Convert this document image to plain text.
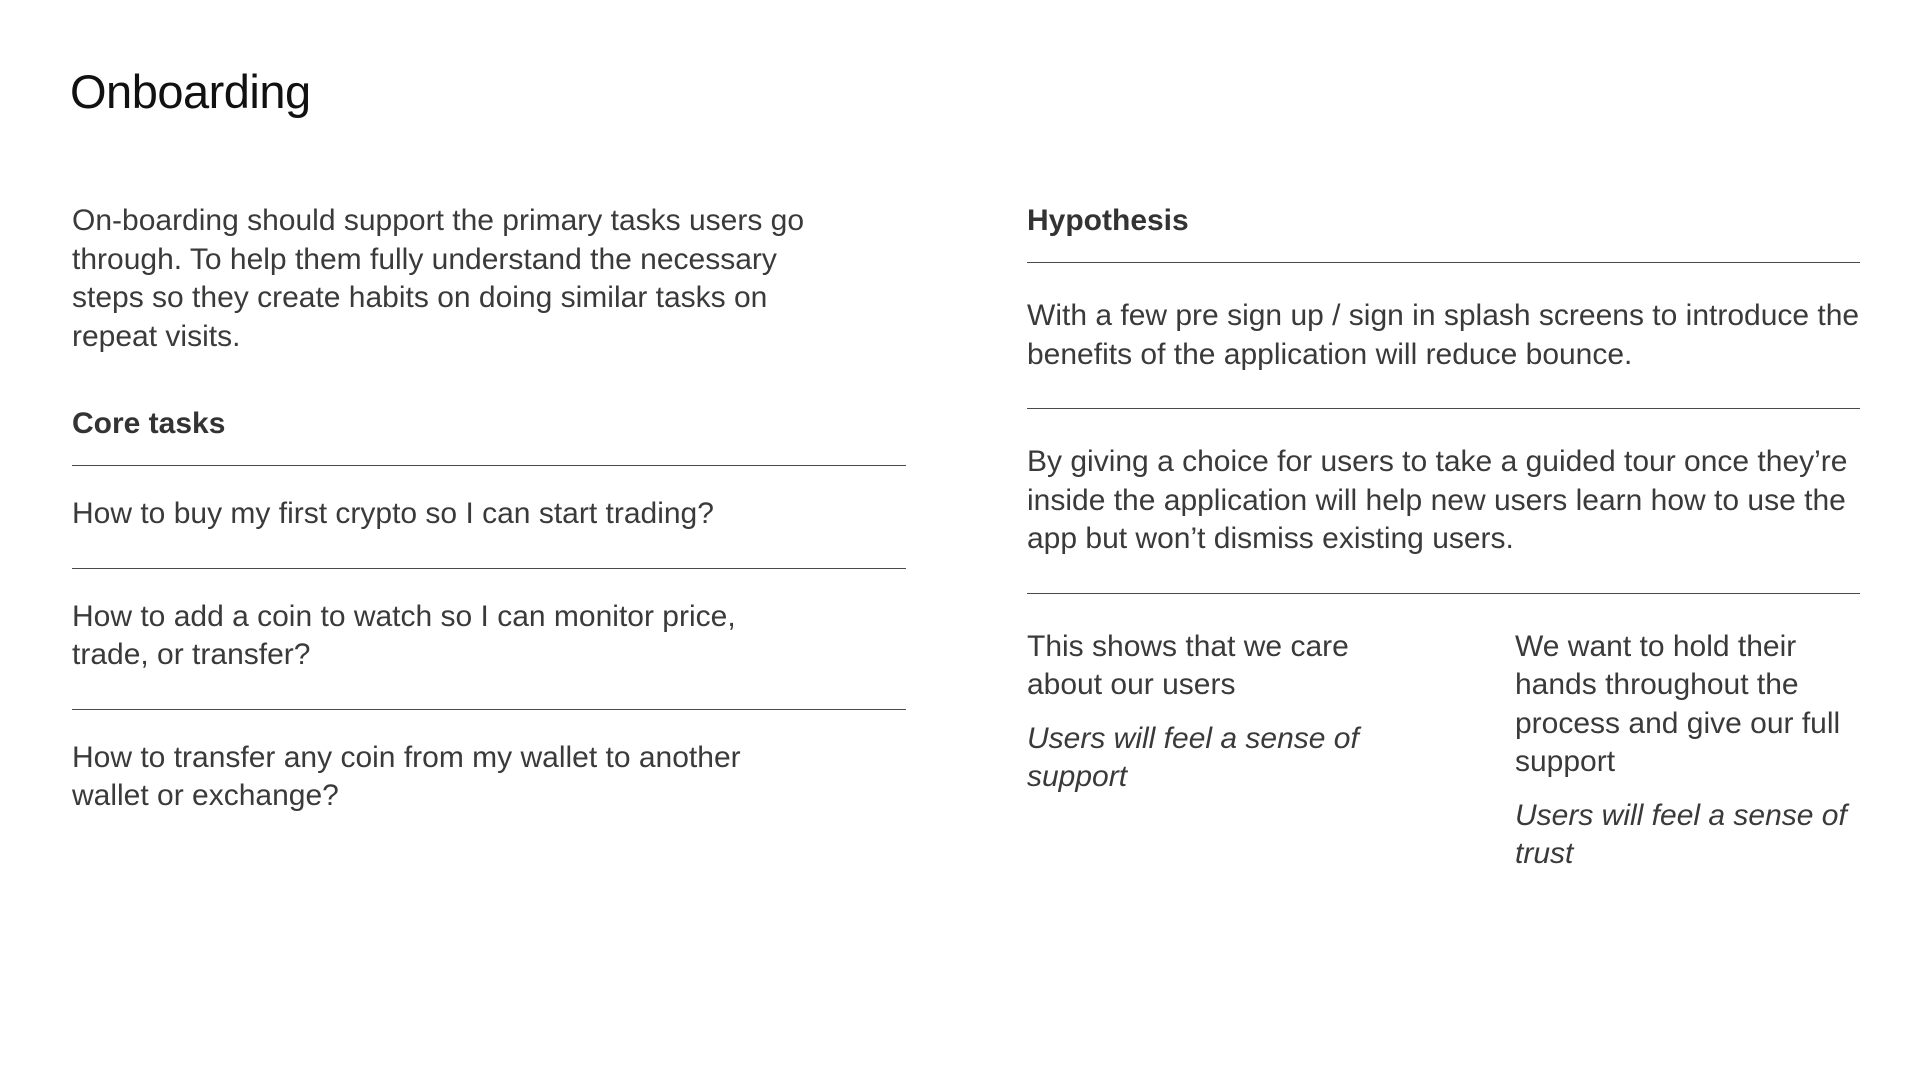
Onboarding

On-boarding should support the primary tasks users go through. To help them fully understand the necessary steps so they create habits on doing similar tasks on repeat visits.

Core tasks
How to buy my first crypto so I can start trading?
How to add a coin to watch so I can monitor price, trade, or transfer?
How to transfer any coin from my wallet to another wallet or exchange?
Hypothesis
With a few pre sign up / sign in splash screens to introduce the benefits of the application will reduce bounce.
By giving a choice for users to take a guided tour once they’re inside the application will help new users learn how to use the app but won’t dismiss existing users.

This shows that we care about our users

Users will feel a sense of support

We want to hold their hands throughout the process and give our full support

Users will feel a sense of trust
